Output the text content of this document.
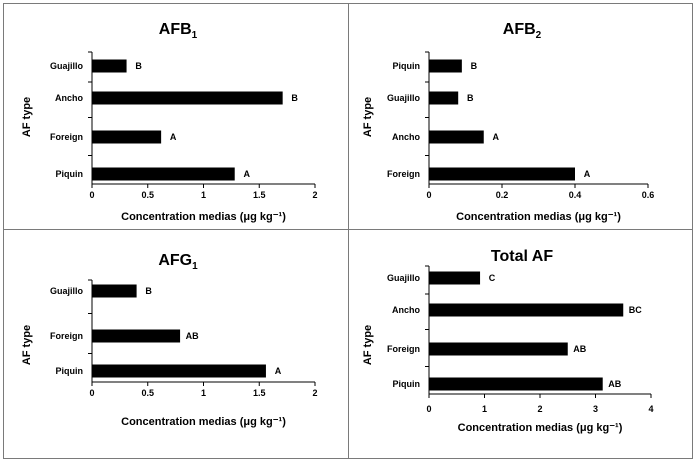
$AFB_1$
0	0.5	1	1.5	2
Guajillo	B
Ancho	B
Foreign	A
Piquin	A
Concentration medias (μg kg⁻¹)
AF type
$AFB_2$
0	0.2	0.4	0.6
Piquin	B
Guajillo	B
Ancho	A
Foreign	A
Concentration medias (μg kg⁻¹)
AF type
$AFG_1$
0	0.5	1	1.5	2
Guajillo	B
Foreign	AB
Piquin	A
Concentration medias (μg kg⁻¹)
AF type
Total AF
0	1	2	3	4
Guajillo	C
Ancho	BC
Foreign	AB
Piquin	AB
Concentration medias (μg kg⁻¹)
AF type
